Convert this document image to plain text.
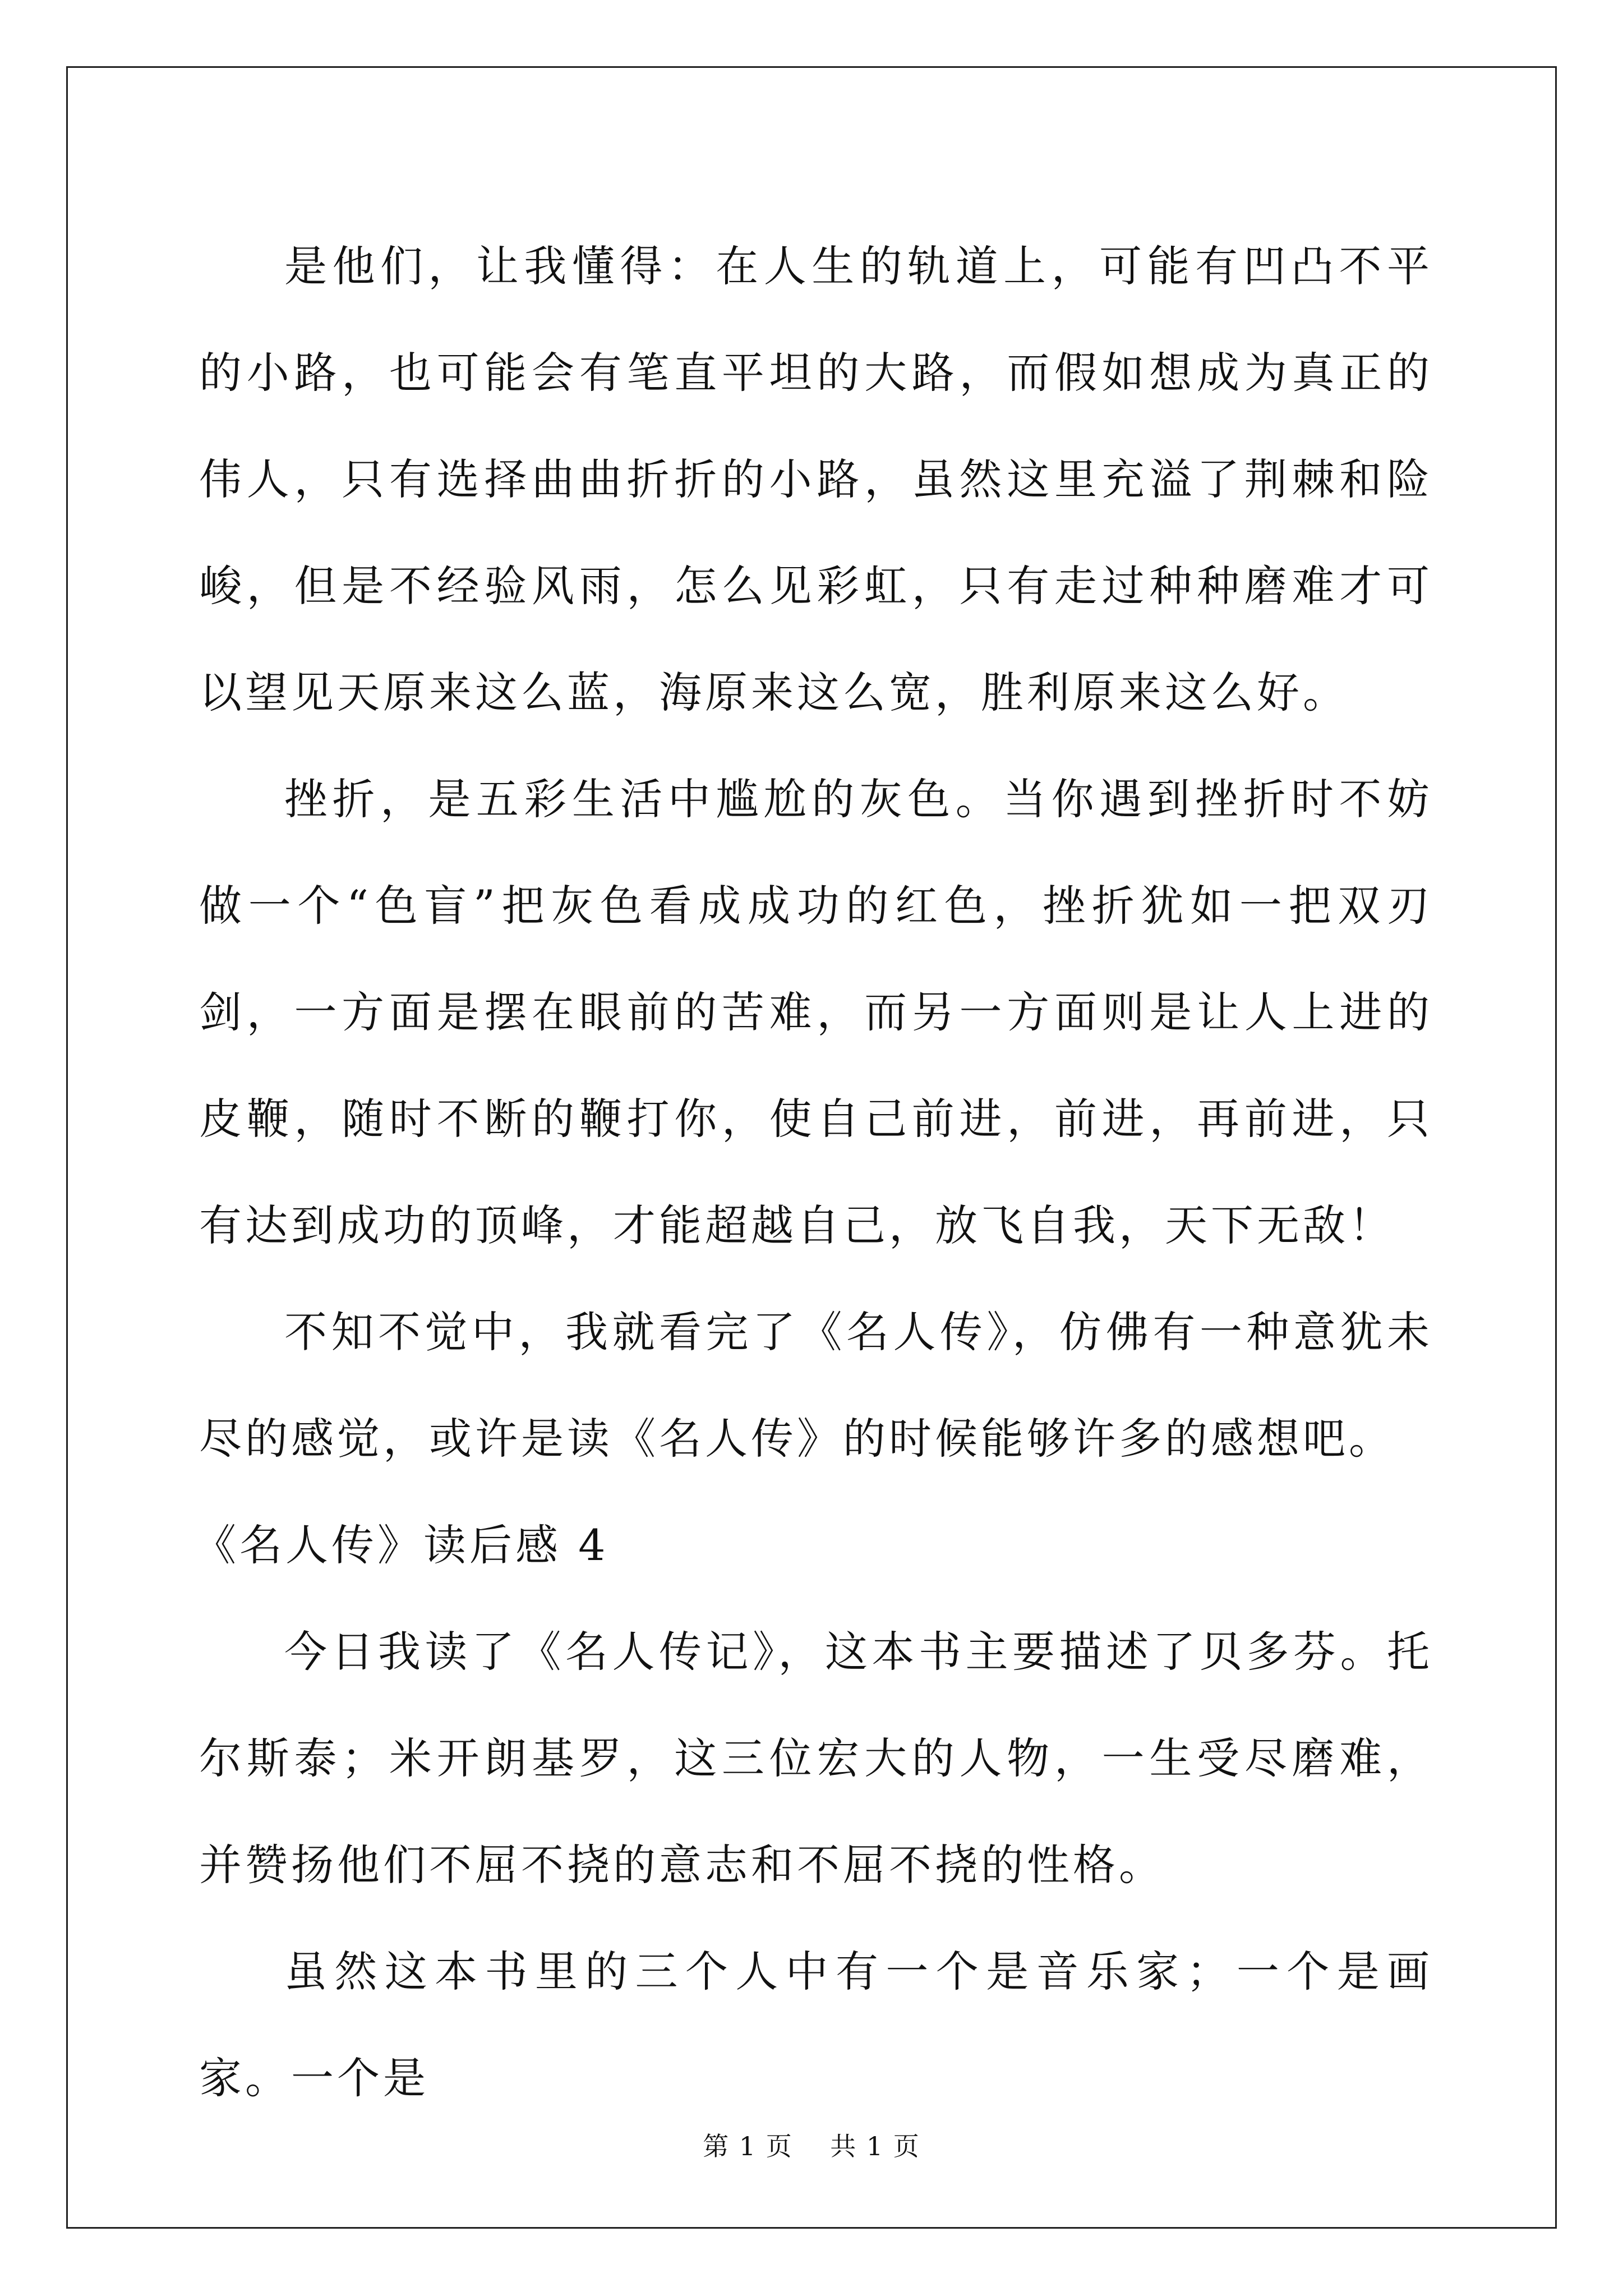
是他们，让我懂得：在人生的轨道上，可能有凹凸不平的小路，也可能会有笔直平坦的大路，而假如想成为真正的伟人，只有选择曲曲折折的小路，虽然这里充溢了荆棘和险峻，但是不经验风雨，怎么见彩虹，只有走过种种磨难才可以望见天原来这么蓝，海原来这么宽，胜利原来这么好。

挫折，是五彩生活中尴尬的灰色。当你遇到挫折时不妨做一个“色盲”把灰色看成成功的红色，挫折犹如一把双刃剑，一方面是摆在眼前的苦难，而另一方面则是让人上进的皮鞭，随时不断的鞭打你，使自己前进，前进，再前进，只有达到成功的顶峰，才能超越自己，放飞自我，天下无敌！

不知不觉中，我就看完了《名人传》，仿佛有一种意犹未尽的感觉，或许是读《名人传》的时候能够许多的感想吧。

《名人传》读后感 4

今日我读了《名人传记》，这本书主要描述了贝多芬。托尔斯泰；米开朗基罗，这三位宏大的人物，一生受尽磨难，并赞扬他们不屈不挠的意志和不屈不挠的性格。

虽然这本书里的三个人中有一个是音乐家；一个是画家。一个是

第 1 页    共 1 页
